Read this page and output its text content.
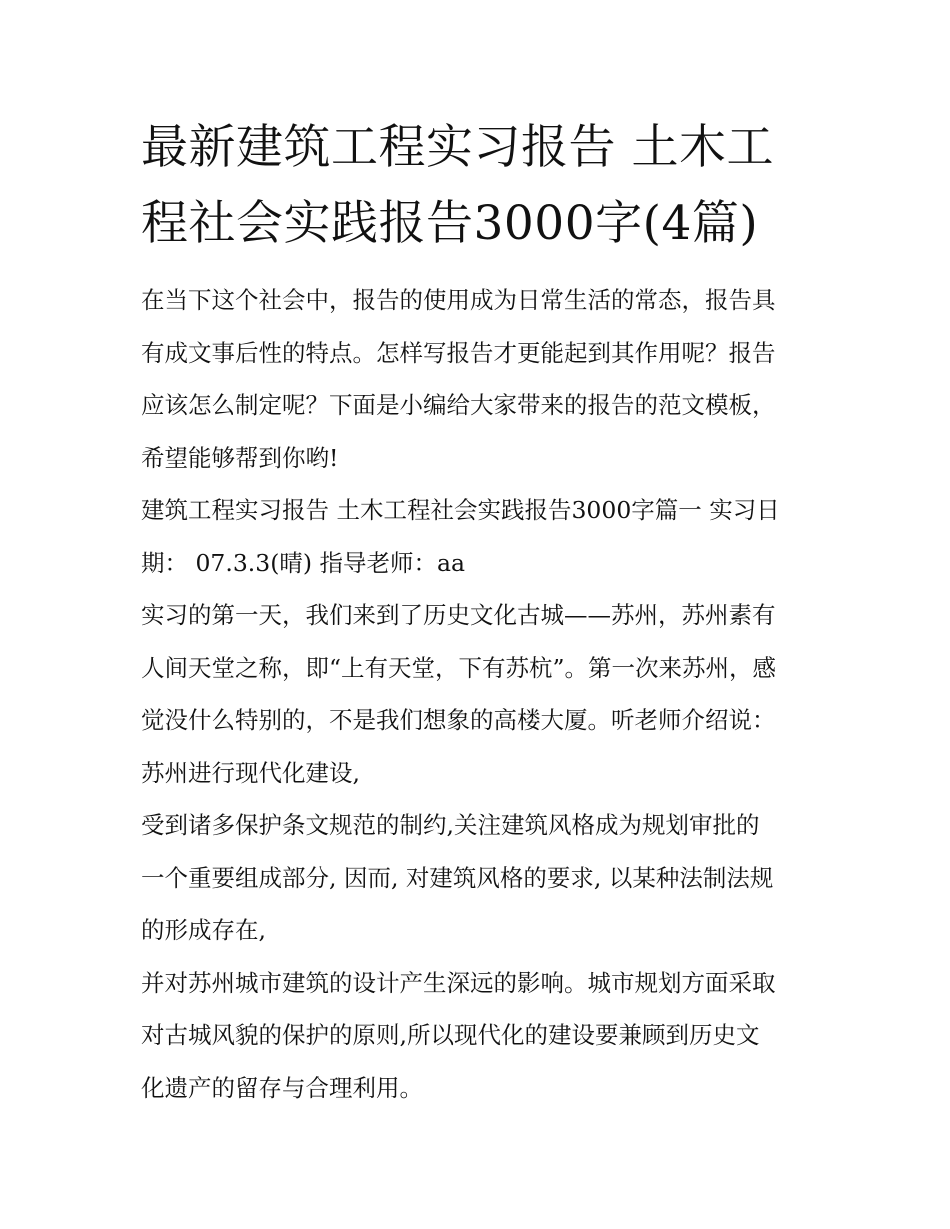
最新建筑工程实习报告 土木工
程社会实践报告3000字(4篇)

在当下这个社会中，报告的使用成为日常生活的常态，报告具
有成文事后性的特点。怎样写报告才更能起到其作用呢？报告
应该怎么制定呢？下面是小编给大家带来的报告的范文模板，
希望能够帮到你哟!

建筑工程实习报告 土木工程社会实践报告3000字篇一 实习日
期： 07.3.3(晴) 指导老师：aa

实习的第一天，我们来到了历史文化古城——苏州，苏州素有
人间天堂之称，即“上有天堂，下有苏杭”。第一次来苏州，感
觉没什么特别的，不是我们想象的高楼大厦。听老师介绍说：
苏州进行现代化建设,

受到诸多保护条文规范的制约,关注建筑风格成为规划审批的
一个重要组成部分, 因而, 对建筑风格的要求, 以某种法制法规
的形成存在,

并对苏州城市建筑的设计产生深远的影响。城市规划方面采取
对古城风貌的保护的原则,所以现代化的建设要兼顾到历史文
化遗产的留存与合理利用。
